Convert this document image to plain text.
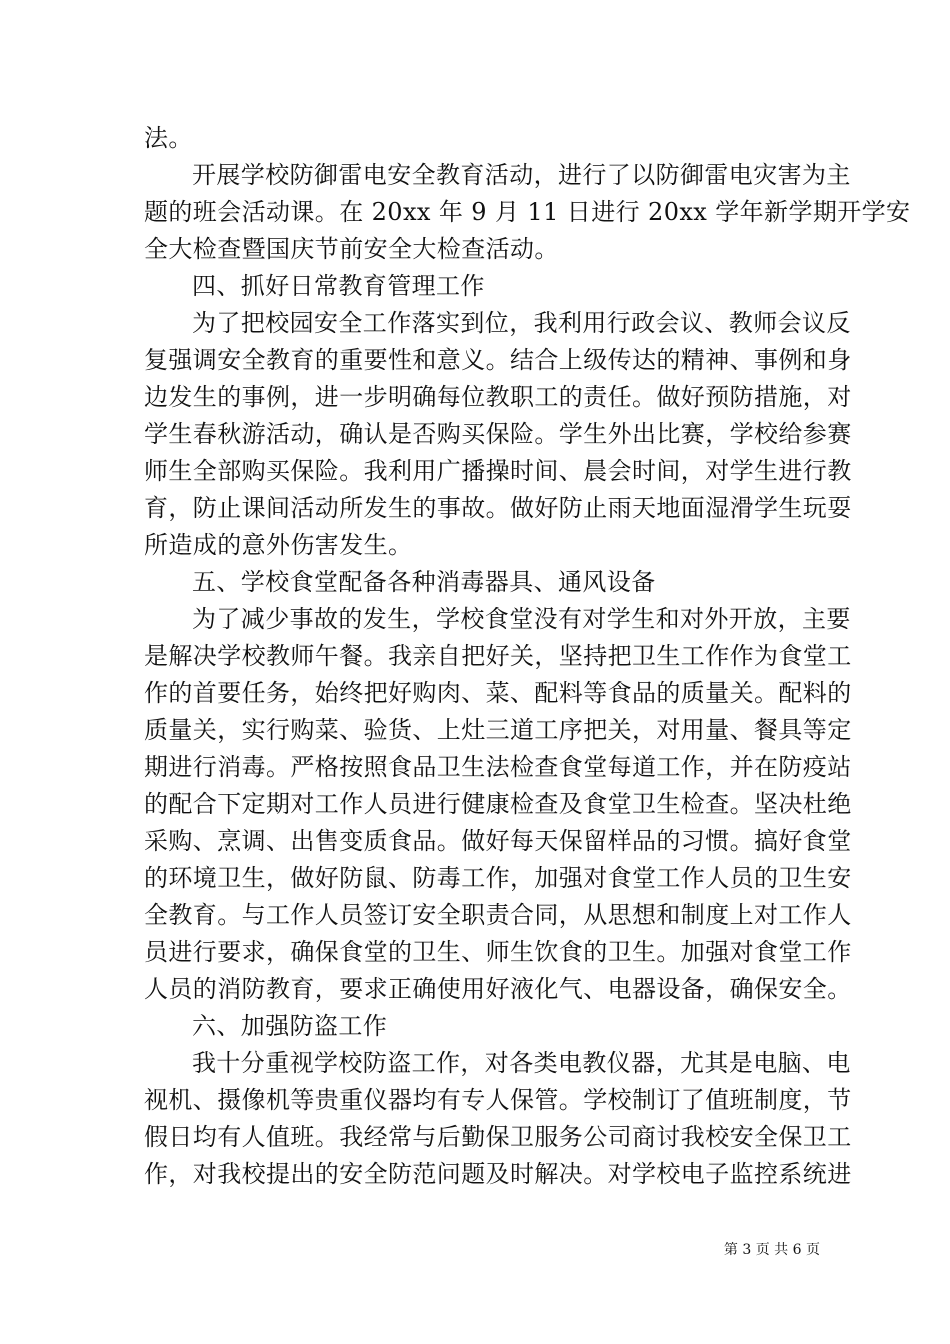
法。
开展学校防御雷电安全教育活动，进行了以防御雷电灾害为主
题的班会活动课。在 20xx 年 9 月 11 日进行 20xx 学年新学期开学安
全大检查暨国庆节前安全大检查活动。
四、抓好日常教育管理工作
为了把校园安全工作落实到位，我利用行政会议、教师会议反
复强调安全教育的重要性和意义。结合上级传达的精神、事例和身
边发生的事例，进一步明确每位教职工的责任。做好预防措施，对
学生春秋游活动，确认是否购买保险。学生外出比赛，学校给参赛
师生全部购买保险。我利用广播操时间、晨会时间，对学生进行教
育，防止课间活动所发生的事故。做好防止雨天地面湿滑学生玩耍
所造成的意外伤害发生。
五、学校食堂配备各种消毒器具、通风设备
为了减少事故的发生，学校食堂没有对学生和对外开放，主要
是解决学校教师午餐。我亲自把好关，坚持把卫生工作作为食堂工
作的首要任务，始终把好购肉、菜、配料等食品的质量关。配料的
质量关，实行购菜、验货、上灶三道工序把关，对用量、餐具等定
期进行消毒。严格按照食品卫生法检查食堂每道工作，并在防疫站
的配合下定期对工作人员进行健康检查及食堂卫生检查。坚决杜绝
采购、烹调、出售变质食品。做好每天保留样品的习惯。搞好食堂
的环境卫生，做好防鼠、防毒工作，加强对食堂工作人员的卫生安
全教育。与工作人员签订安全职责合同，从思想和制度上对工作人
员进行要求，确保食堂的卫生、师生饮食的卫生。加强对食堂工作
人员的消防教育，要求正确使用好液化气、电器设备，确保安全。
六、加强防盗工作
我十分重视学校防盗工作，对各类电教仪器，尤其是电脑、电
视机、摄像机等贵重仪器均有专人保管。学校制订了值班制度，节
假日均有人值班。我经常与后勤保卫服务公司商讨我校安全保卫工
作，对我校提出的安全防范问题及时解决。对学校电子监控系统进
第 3 页 共 6 页
